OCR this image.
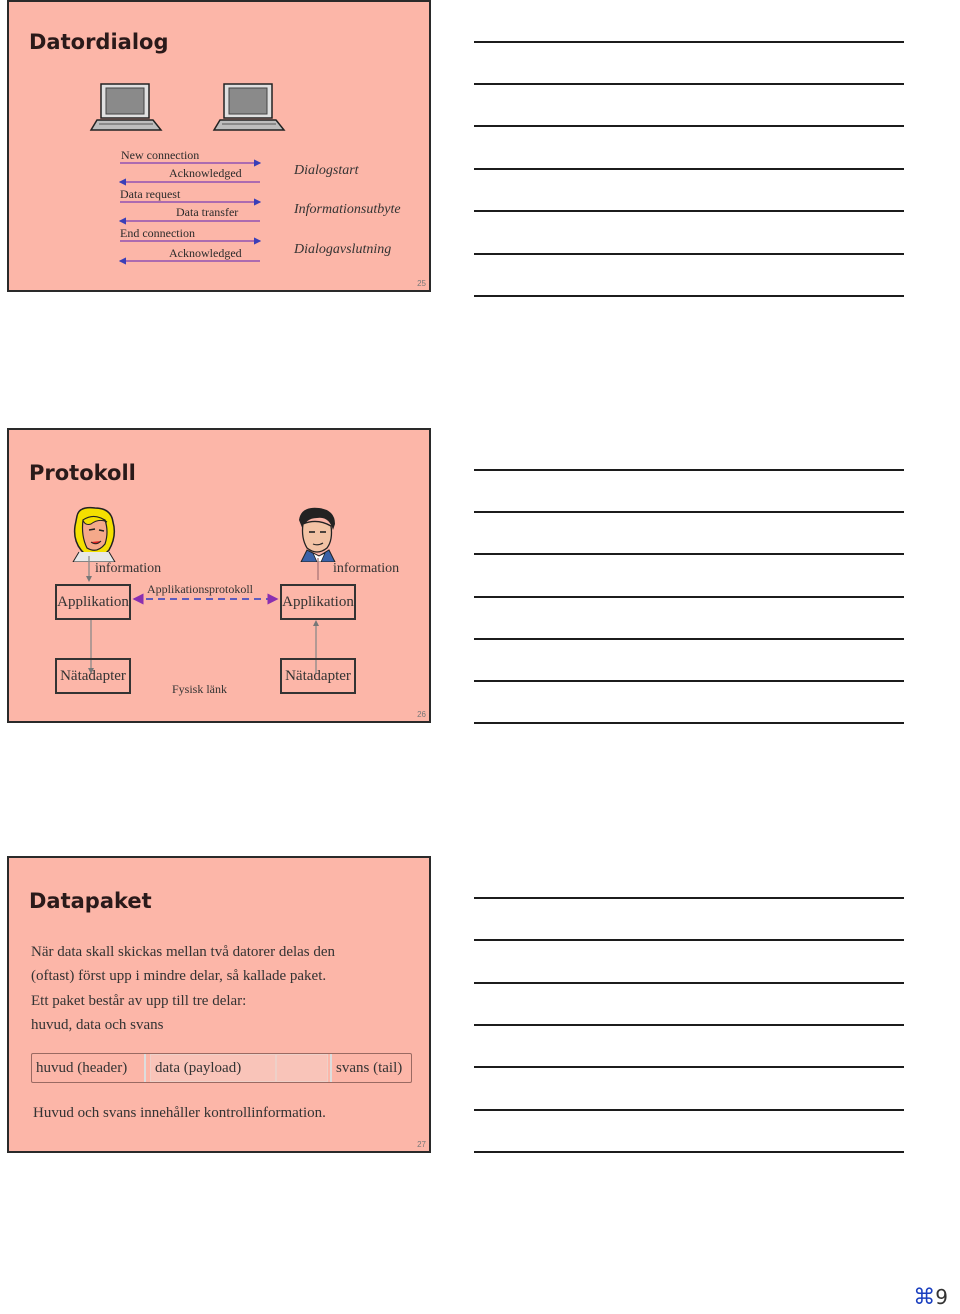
Datordialog
New connection
Acknowledged
Data request
Data transfer
End connection
Acknowledged
Dialogstart
Informationsutbyte
Dialogavslutning
25
Protokoll
information	information
Applikation	Applikation
Applikationsprotokoll
Nätadapter	Nätadapter
Fysisk länk
26
Datapaket
När data skall skickas mellan två datorer delas den
(oftast) först upp i mindre delar, så kallade paket.
Ett paket består av upp till tre delar:
huvud, data och svans
huvud (header)	data (payload)	svans (tail)
Huvud och svans innehåller kontrollinformation.
27
⌘9
